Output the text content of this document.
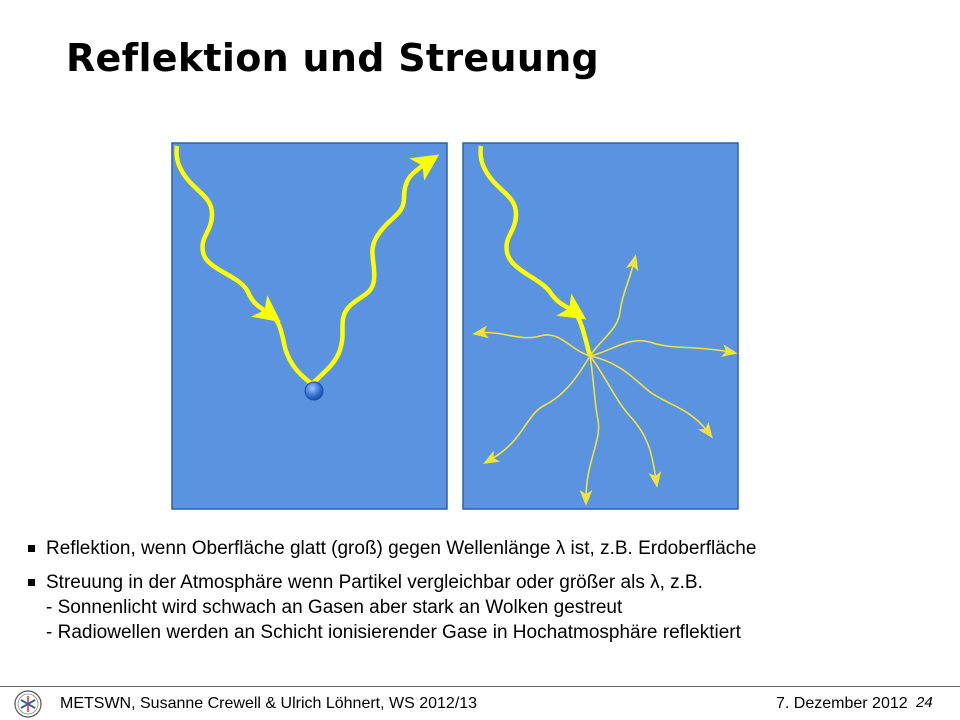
Reflektion und Streuung
Reflektion, wenn Oberfläche glatt (groß) gegen Wellenlänge λ ist, z.B. Erdoberfläche
Streuung in der Atmosphäre wenn Partikel vergleichbar oder größer als λ, z.B.
- Sonnenlicht wird schwach an Gasen aber stark an Wolken gestreut
- Radiowellen werden an Schicht ionisierender Gase in Hochatmosphäre reflektiert
METSWN, Susanne Crewell & Ulrich Löhnert, WS 2012/13	7. Dezember 2012 24
